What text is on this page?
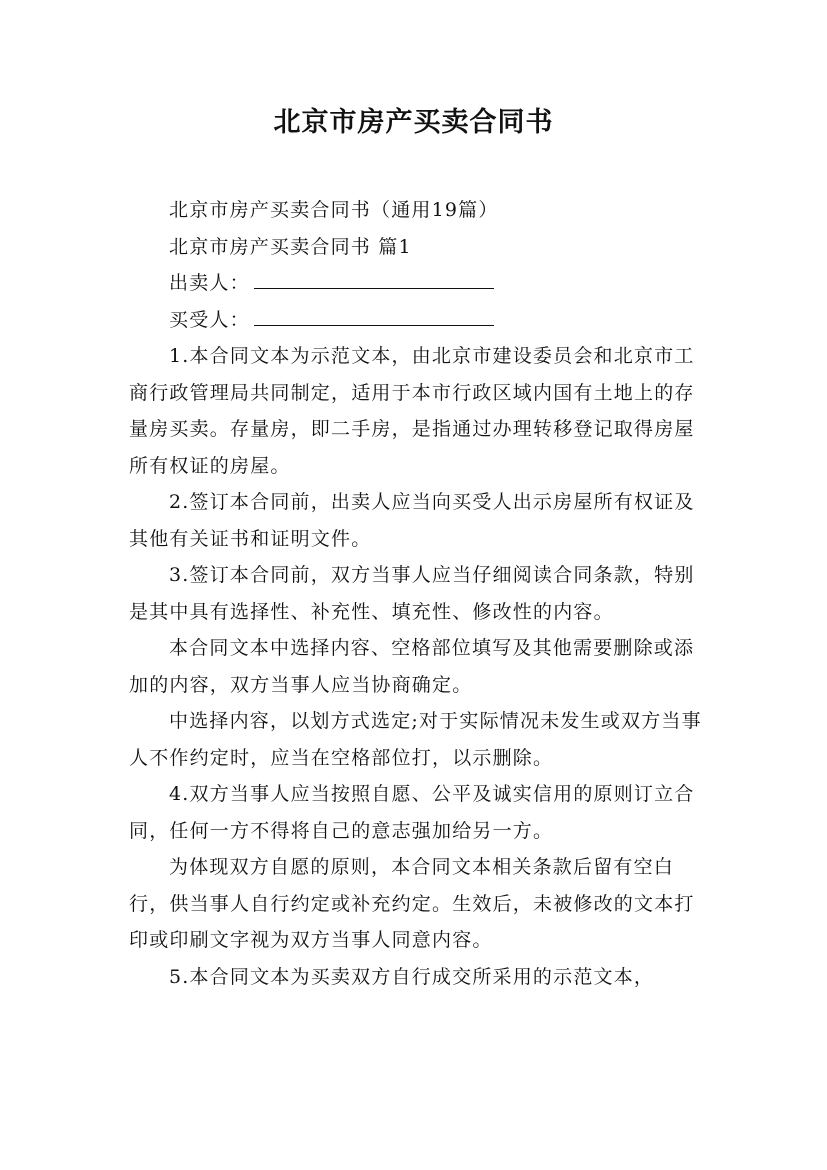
北京市房产买卖合同书

北京市房产买卖合同书（通用19篇）

北京市房产买卖合同书 篇1

出卖人：

买受人：

1.本合同文本为示范文本，由北京市建设委员会和北京市工商行政管理局共同制定，适用于本市行政区域内国有土地上的存量房买卖。存量房，即二手房，是指通过办理转移登记取得房屋所有权证的房屋。

2.签订本合同前，出卖人应当向买受人出示房屋所有权证及其他有关证书和证明文件。

3.签订本合同前，双方当事人应当仔细阅读合同条款，特别是其中具有选择性、补充性、填充性、修改性的内容。

本合同文本中选择内容、空格部位填写及其他需要删除或添加的内容，双方当事人应当协商确定。

中选择内容，以划方式选定;对于实际情况未发生或双方当事人不作约定时，应当在空格部位打，以示删除。

4.双方当事人应当按照自愿、公平及诚实信用的原则订立合同，任何一方不得将自己的意志强加给另一方。

为体现双方自愿的原则，本合同文本相关条款后留有空白行，供当事人自行约定或补充约定。生效后，未被修改的文本打印或印刷文字视为双方当事人同意内容。

5.本合同文本为买卖双方自行成交所采用的示范文本，
